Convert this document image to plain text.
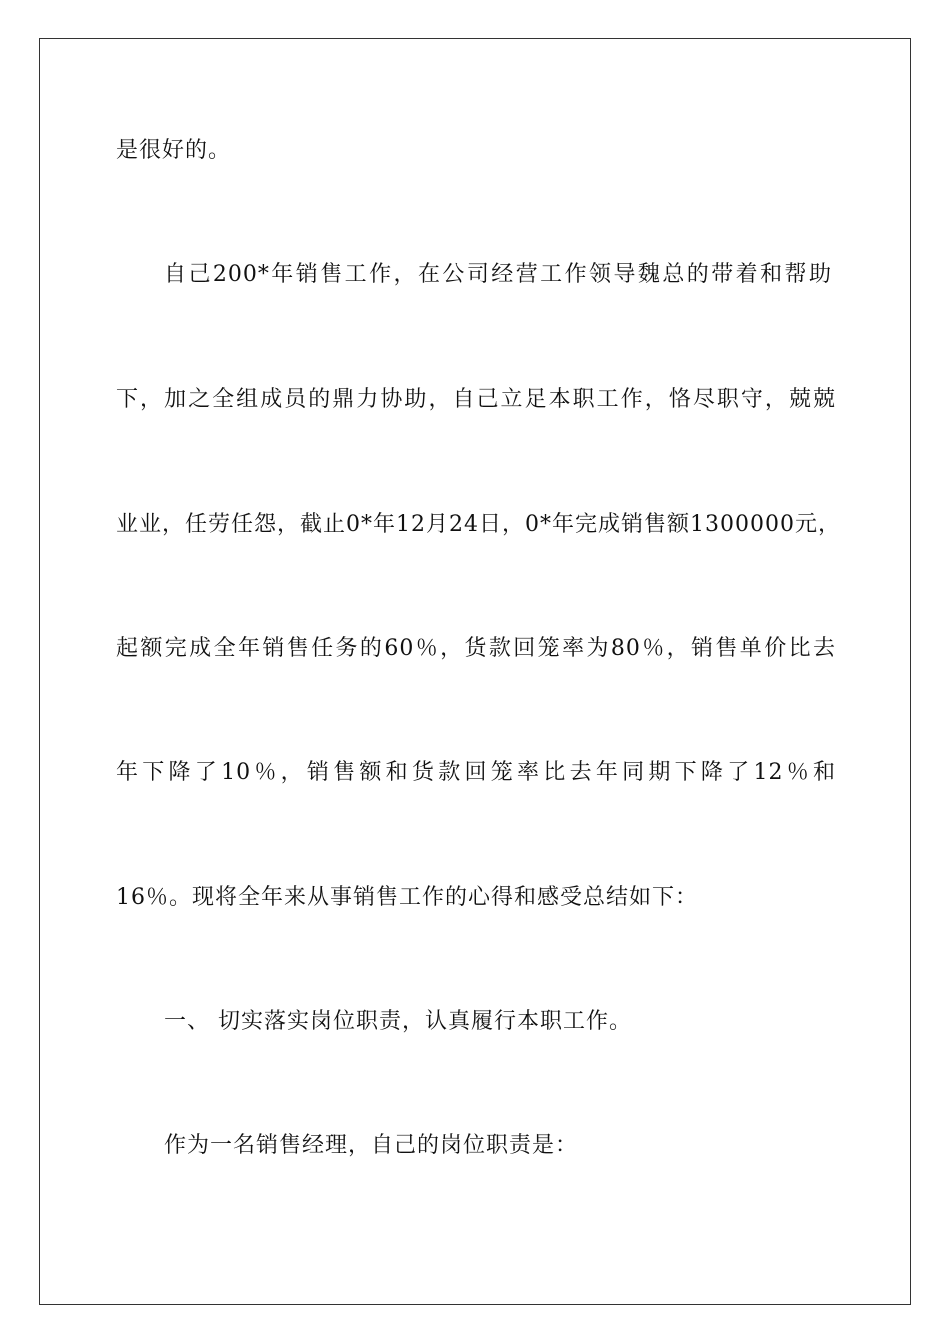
是很好的。
自己200*年销售工作，在公司经营工作领导魏总的带着和帮助
下，加之全组成员的鼎力协助，自己立足本职工作，恪尽职守，兢兢
业业，任劳任怨，截止0*年12月24日，0*年完成销售额1300000元，
起额完成全年销售任务的60％，货款回笼率为80％，销售单价比去
年下降了10％，销售额和货款回笼率比去年同期下降了12％和
16％。现将全年来从事销售工作的心得和感受总结如下：
一、 切实落实岗位职责，认真履行本职工作。
作为一名销售经理，自己的岗位职责是：
